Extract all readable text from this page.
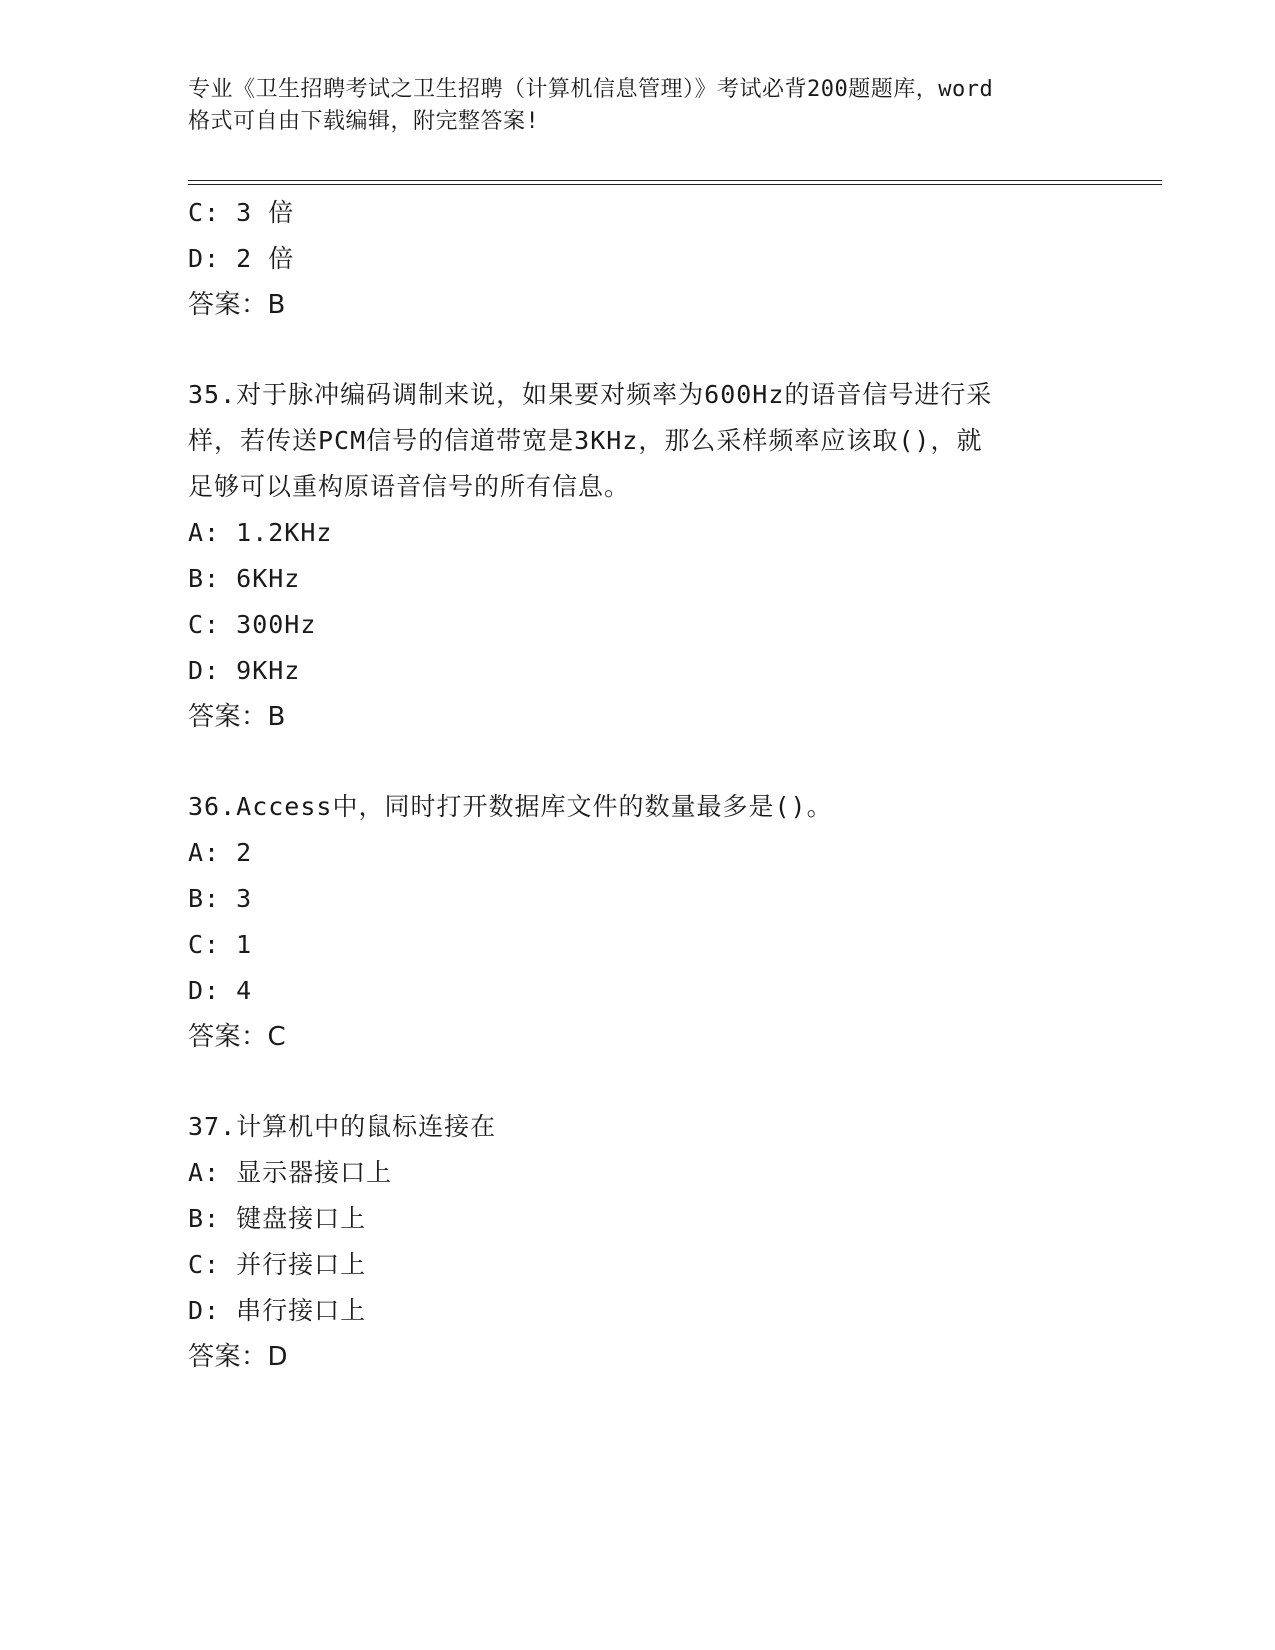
专业《卫生招聘考试之卫生招聘（计算机信息管理）》考试必背200题题库，word
格式可自由下载编辑，附完整答案!
C: 3 倍
D: 2 倍
答案：B
35.对于脉冲编码调制来说，如果要对频率为600Hz的语音信号进行采
样，若传送PCM信号的信道带宽是3KHz，那么采样频率应该取()，就
足够可以重构原语音信号的所有信息。
A: 1.2KHz
B: 6KHz
C: 300Hz
D: 9KHz
答案：B
36.Access中，同时打开数据库文件的数量最多是()。
A: 2
B: 3
C: 1
D: 4
答案：C
37.计算机中的鼠标连接在
A: 显示器接口上
B: 键盘接口上
C: 并行接口上
D: 串行接口上
答案：D
